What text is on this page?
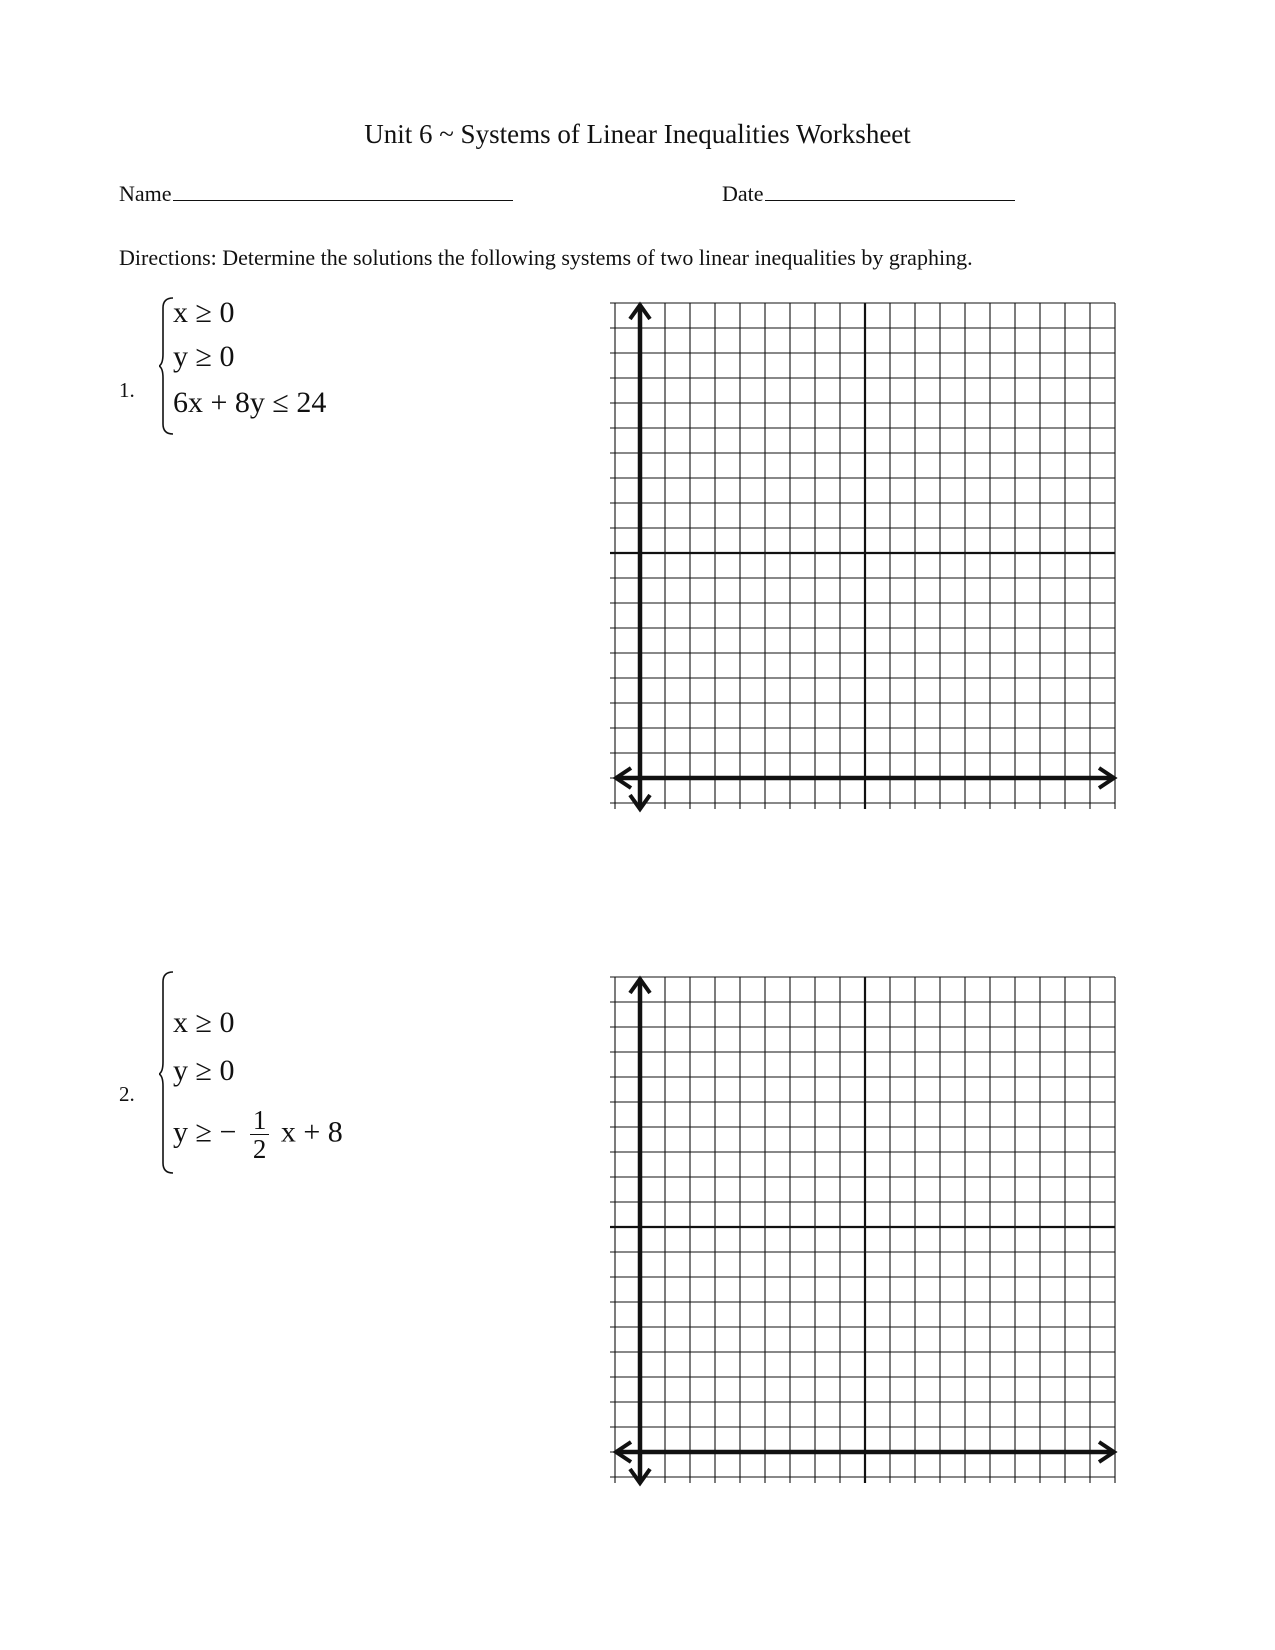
Unit 6 ~ Systems of Linear Inequalities Worksheet
Name	Date
Directions: Determine the solutions the following systems of two linear inequalities by graphing.
1.
x ≥ 0
y ≥ 0
6x + 8y ≤ 24
2.
x ≥ 0
y ≥ 0
y ≥ − $\frac{1}{2}$ x + 8
